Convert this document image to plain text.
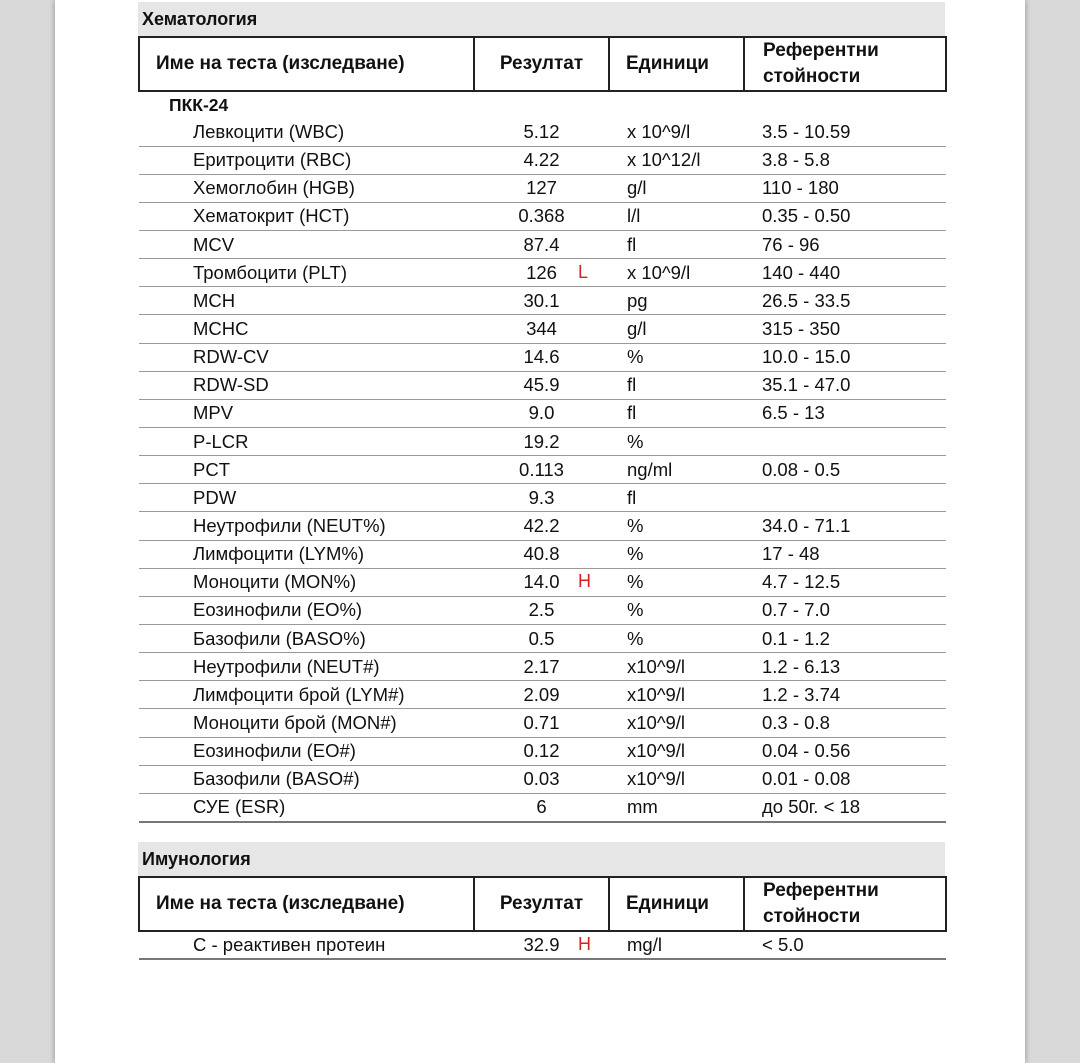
Хематология
Име на теста (изследване)	Резултат	Единици	Референтни
стойности
ПКК-24			
Левкоцити (WBC)	5.12	x 10^9/l	3.5 - 10.59
Еритроцити (RBC)	4.22	x 10^12/l	3.8 - 5.8
Хемоглобин (HGB)	127	g/l	110 - 180
Хематокрит (HCT)	0.368	l/l	0.35 - 0.50
MCV	87.4	fl	76 - 96
Тромбоцити (PLT)	126 L	x 10^9/l	140 - 440
MCH	30.1	pg	26.5 - 33.5
MCHC	344	g/l	315 - 350
RDW-CV	14.6	%	10.0 - 15.0
RDW-SD	45.9	fl	35.1 - 47.0
MPV	9.0	fl	6.5 - 13
P-LCR	19.2	%	
PCT	0.113	ng/ml	0.08 - 0.5
PDW	9.3	fl	
Неутрофили (NEUT%)	42.2	%	34.0 - 71.1
Лимфоцити (LYM%)	40.8	%	17 - 48
Моноцити (MON%)	14.0 H	%	4.7 - 12.5
Еозинофили (EO%)	2.5	%	0.7 - 7.0
Базофили (BASO%)	0.5	%	0.1 - 1.2
Неутрофили (NEUT#)	2.17	x10^9/l	1.2 - 6.13
Лимфоцити брой (LYM#)	2.09	x10^9/l	1.2 - 3.74
Моноцити брой (MON#)	0.71	x10^9/l	0.3 - 0.8
Еозинофили (EO#)	0.12	x10^9/l	0.04 - 0.56
Базофили (BASO#)	0.03	x10^9/l	0.01 - 0.08
СУЕ (ESR)	6	mm	до 50г. < 18
Имунология
Име на теста (изследване)	Резултат	Единици	Референтни
стойности
С - реактивен протеин	32.9 H	mg/l	< 5.0
